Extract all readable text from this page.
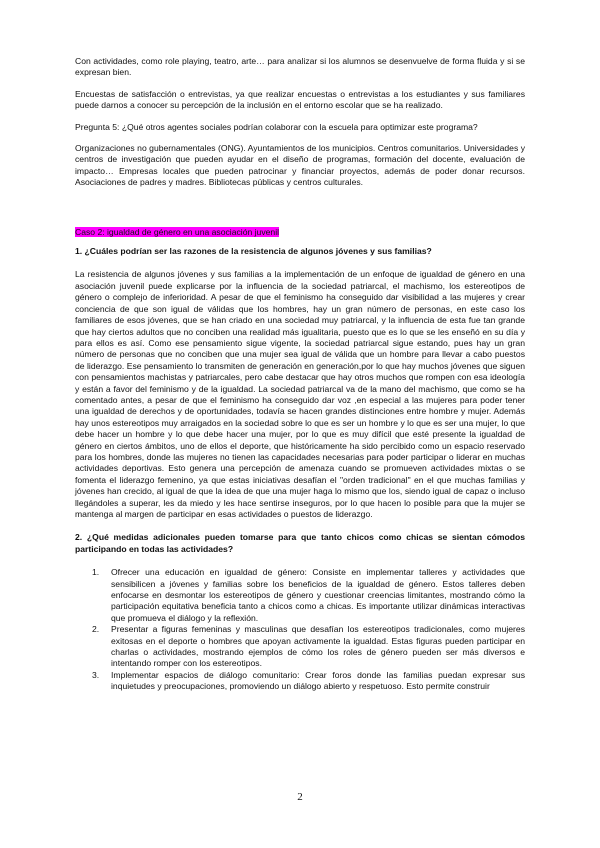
Con actividades, como role playing, teatro, arte… para analizar si los alumnos se desenvuelve de forma fluida y si se expresan bien.

Encuestas de satisfacción o entrevistas, ya que realizar encuestas o entrevistas a los estudiantes y sus familiares puede darnos a conocer su percepción de la inclusión en el entorno escolar que se ha realizado.

Pregunta 5: ¿Qué otros agentes sociales podrían colaborar con la escuela para optimizar este programa?

Organizaciones no gubernamentales (ONG). Ayuntamientos de los municipios. Centros comunitarios. Universidades y centros de investigación que pueden ayudar en el diseño de programas, formación del docente, evaluación de impacto… Empresas locales que pueden patrocinar y financiar proyectos, además de poder donar recursos. Asociaciones de padres y madres. Bibliotecas públicas y centros culturales.

Caso 2: igualdad de género en una asociación juvenil

1. ¿Cuáles podrían ser las razones de la resistencia de algunos jóvenes y sus familias?

La resistencia de algunos jóvenes y sus familias a la implementación de un enfoque de igualdad de género en una asociación juvenil puede explicarse por la influencia de la sociedad patriarcal, el machismo, los estereotipos de género o complejo de inferioridad. A pesar de que el feminismo ha conseguido dar visibilidad a las mujeres y crear conciencia de que son igual de válidas que los hombres, hay un gran número de personas, en este caso los familiares de esos jóvenes, que se han criado en una sociedad muy patriarcal, y la influencia de esta fue tan grande que hay ciertos adultos que no conciben una realidad más igualitaria, puesto que es lo que se les enseñó en su día y para ellos es así. Como ese pensamiento sigue vigente, la sociedad patriarcal sigue estando, pues hay un gran número de personas que no conciben que una mujer sea igual de válida que un hombre para llevar a cabo puestos de liderazgo. Ese pensamiento lo transmiten de generación en generación,por lo que hay muchos jóvenes que siguen con pensamientos machistas y patriarcales, pero cabe destacar que hay otros muchos que rompen con esa ideología y están a favor del feminismo y de la igualdad. La sociedad patriarcal va de la mano del machismo, que como se ha comentado antes, a pesar de que el feminismo ha conseguido dar voz ,en especial a las mujeres para poder tener una igualdad de derechos y de oportunidades, todavía se hacen grandes distinciones entre hombre y mujer. Además hay unos estereotipos muy arraigados en la sociedad sobre lo que es ser un hombre y lo que es ser una mujer, lo que debe hacer un hombre y lo que debe hacer una mujer, por lo que es muy difícil que esté presente la igualdad de género en ciertos ámbitos, uno de ellos el deporte, que históricamente ha sido percibido como un espacio reservado para los hombres, donde las mujeres no tienen las capacidades necesarias para poder participar o liderar en muchas actividades deportivas. Esto genera una percepción de amenaza cuando se promueven actividades mixtas o se fomenta el liderazgo femenino, ya que estas iniciativas desafían el "orden tradicional" en el que muchas familias y jóvenes han crecido, al igual de que la idea de que una mujer haga lo mismo que los, siendo igual de capaz o incluso llegándoles a superar, les da miedo y les hace sentirse inseguros, por lo que hacen lo posible para que la mujer se mantenga al margen de participar en esas actividades o puestos de liderazgo.

2. ¿Qué medidas adicionales pueden tomarse para que tanto chicos como chicas se sientan cómodos participando en todas las actividades?

1. Ofrecer una educación en igualdad de género: Consiste en implementar talleres y actividades que sensibilicen a jóvenes y familias sobre los beneficios de la igualdad de género. Estos talleres deben enfocarse en desmontar los estereotipos de género y cuestionar creencias limitantes, mostrando cómo la participación equitativa beneficia tanto a chicos como a chicas. Es importante utilizar dinámicas interactivas que promueva el diálogo y la reflexión.
2. Presentar a figuras femeninas y masculinas que desafían los estereotipos tradicionales, como mujeres exitosas en el deporte o hombres que apoyan activamente la igualdad. Estas figuras pueden participar en charlas o actividades, mostrando ejemplos de cómo los roles de género pueden ser más diversos e intentando romper con los estereotipos.
3. Implementar espacios de diálogo comunitario: Crear foros donde las familias puedan expresar sus inquietudes y preocupaciones, promoviendo un diálogo abierto y respetuoso. Esto permite construir
2
